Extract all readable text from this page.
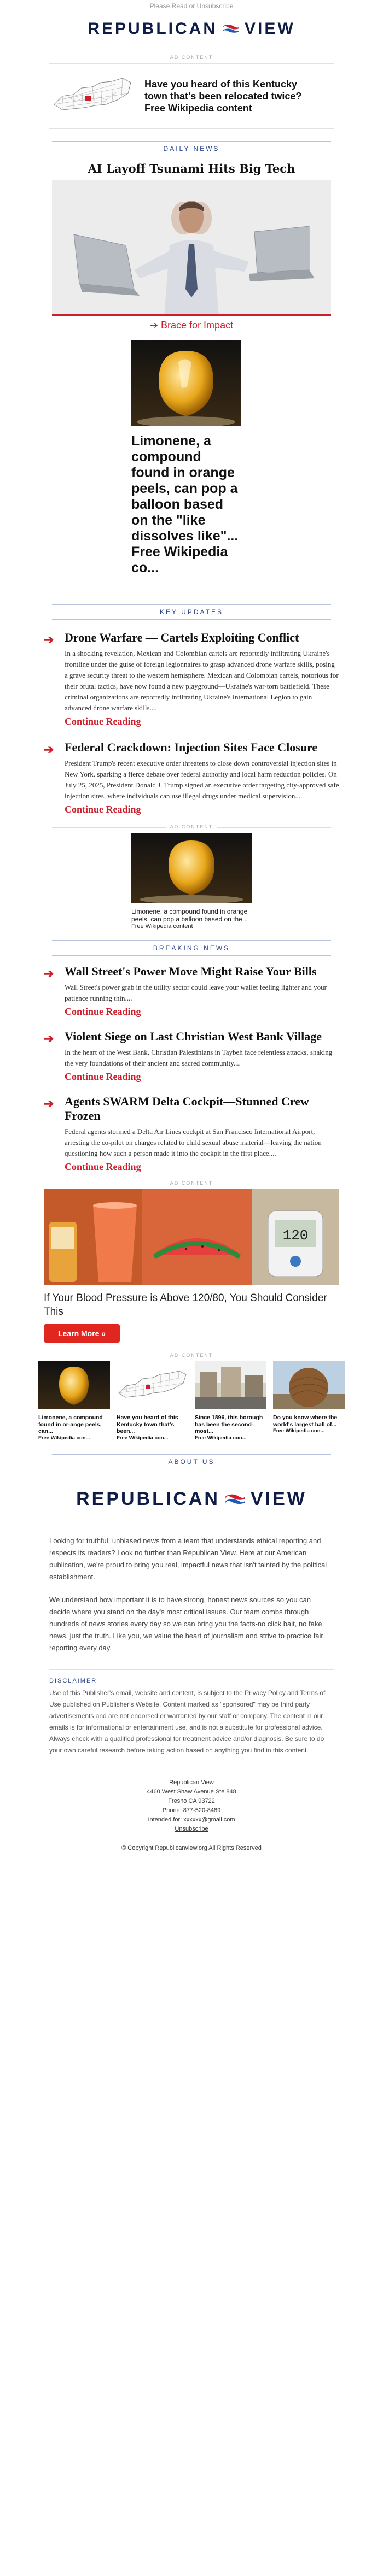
Please Read or Unsubscribe
REPUBLICAN VIEW
AD CONTENT
Have you heard of this Kentucky town that's been relocated twice? Free Wikipedia content
DAILY NEWS
AI Layoff Tsunami Hits Big Tech
➔ Brace for Impact
Limonene, a compound found in orange peels, can pop a balloon based on the "like dissolves like"... Free Wikipedia co...
KEY UPDATES
➔ Drone Warfare — Cartels Exploiting Conflict

In a shocking revelation, Mexican and Colombian cartels are reportedly infiltrating Ukraine's frontline under the guise of foreign legionnaires to grasp advanced drone warfare skills, posing a grave security threat to the western hemisphere. Mexican and Colombian cartels, notorious for their brutal tactics, have now found a new playground—Ukraine's war-torn battlefield. These criminal organizations are reportedly infiltrating Ukraine's International Legion to gain advanced drone warfare skills....

Continue Reading
➔ Federal Crackdown: Injection Sites Face Closure

President Trump's recent executive order threatens to close down controversial injection sites in New York, sparking a fierce debate over federal authority and local harm reduction policies. On July 25, 2025, President Donald J. Trump signed an executive order targeting city-approved safe injection sites, where individuals can use illegal drugs under medical supervision....

Continue Reading
AD CONTENT
Limonene, a compound found in orange peels, can pop a balloon based on the...
Free Wikipedia content
BREAKING NEWS
➔ Wall Street's Power Move Might Raise Your Bills

Wall Street's power grab in the utility sector could leave your wallet feeling lighter and your patience running thin....

Continue Reading
➔ Violent Siege on Last Christian West Bank Village

In the heart of the West Bank, Christian Palestinians in Taybeh face relentless attacks, shaking the very foundations of their ancient and sacred community....

Continue Reading
➔ Agents SWARM Delta Cockpit—Stunned Crew Frozen

Federal agents stormed a Delta Air Lines cockpit at San Francisco International Airport, arresting the co-pilot on charges related to child sexual abuse material—leaving the nation questioning how such a person made it into the cockpit in the first place....

Continue Reading
AD CONTENT
120
If Your Blood Pressure is Above 120/80, You Should Consider This
Learn More »
AD CONTENT
Limonene, a compound found in or-ange peels, can...
Free Wikipedia con...
Have you heard of this Kentucky town that's been...
Free Wikipedia con...
Since 1896, this borough has been the second-most...
Free Wikipedia con...
Do you know where the world's largest ball of...
Free Wikipedia con...
ABOUT US
REPUBLICAN VIEW

Looking for truthful, unbiased news from a team that understands ethical reporting and respects its readers? Look no further than Republican View. Here at our American publication, we're proud to bring you real, impactful news that isn't tainted by the political establishment.

We understand how important it is to have strong, honest news sources so you can decide where you stand on the day's most critical issues. Our team combs through hundreds of news stories every day so we can bring you the facts-no click bait, no fake news, just the truth. Like you, we value the heart of journalism and strive to practice fair reporting every day.

DISCLAIMER

Use of this Publisher's email, website and content, is subject to the Privacy Policy and Terms of Use published on Publisher's Website. Content marked as "sponsored" may be third party advertisements and are not endorsed or warranted by our staff or company. The content in our emails is for informational or entertainment use, and is not a substitute for professional advice. Always check with a qualified professional for treatment advice and/or diagnosis. Be sure to do your own careful research before taking action based on anything you find in this content.

Republican View
4460 West Shaw Avenue Ste 848
Fresno CA 93722
Phone: 877-520-8489
Intended for: xxxxxx@gmail.com
Unsubscribe
© Copyright Republicanview.org All Rights Reserved
